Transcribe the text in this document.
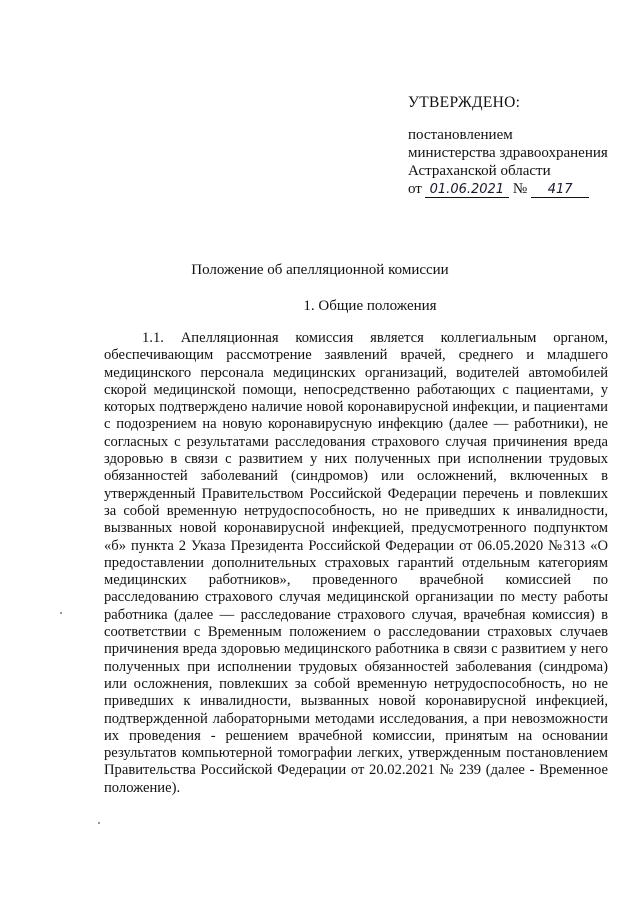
УТВЕРЖДЕНО:
постановлением
министерства здравоохранения
Астраханской области
от 01.06.2021 №	417
Положение об апелляционной комиссии
1. Общие положения

1.1. Апелляционная комиссия является коллегиальным органом, обеспечивающим рассмотрение заявлений врачей, среднего и младшего медицинского персонала медицинских организаций, водителей автомобилей скорой медицинской помощи, непосредственно работающих с пациентами, у которых подтверждено наличие новой коронавирусной инфекции, и пациентами с подозрением на новую коронавирусную инфекцию (далее — работники), не согласных с результатами расследования страхового случая причинения вреда здоровью в связи с развитием у них полученных при исполнении трудовых обязанностей заболеваний (синдромов) или осложнений, включенных в утвержденный Правительством Российской Федерации перечень и повлекших за собой временную нетрудоспособность, но не приведших к инвалидности, вызванных новой коронавирусной инфекцией, предусмотренного подпунктом «б» пункта 2 Указа Президента Российской Федерации от 06.05.2020 №313 «О предоставлении дополнительных страховых гарантий отдельным категориям медицинских работников», проведенного врачебной комиссией по расследованию страхового случая медицинской организации по месту работы работника (далее — расследование страхового случая, врачебная комиссия) в соответствии с Временным положением о расследовании страховых случаев причинения вреда здоровью медицинского работника в связи с развитием у него полученных при исполнении трудовых обязанностей заболевания (синдрома) или осложнения, повлекших за собой временную нетрудоспособность, но не приведших к инвалидности, вызванных новой коронавирусной инфекцией, подтвержденной лабораторными методами исследования, а при невозможности их проведения - решением врачебной комиссии, принятым на основании результатов компьютерной томографии легких, утвержденным постановлением Правительства Российской Федерации от 20.02.2021 № 239 (далее - Временное положение).
